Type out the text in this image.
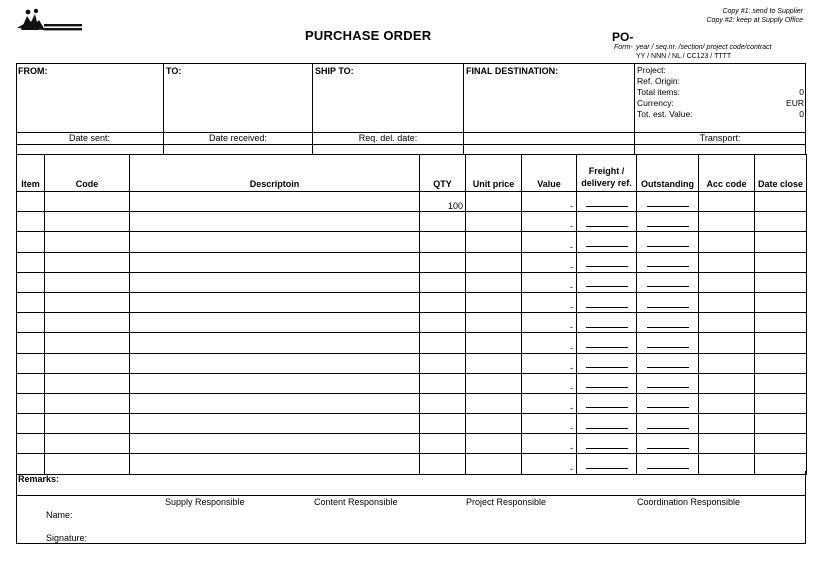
PURCHASE ORDER	PO-
Form- year / seq.nr. /section/ project code/contract
YY / NNN / NL / CC123 / TTTT
Copy #1: send to Supplier
Copy #2: keep at Supply Office
FROM:	TO:	SHIP TO:	FINAL DESTINATION:	Project:
Ref. Origin:
Total items:	0
Currency:	EUR
Tot. est. Value:	0
Date sent:	Date received:	Req. del. date:	Transport:
Item	Code	Descriptoin	QTY	Unit price	Value	Freight / delivery ref.	Outstanding	Acc code	Date close
			100		-	

					-	

					-	

					-	

					-	

					-	

					-	

					-	

					-	

					-	

					-	

					-	

					-	

					-	

Remarks:
Supply Responsible	Content Responsible	Project Responsible	Coordination Responsible
Name:
Signature:
